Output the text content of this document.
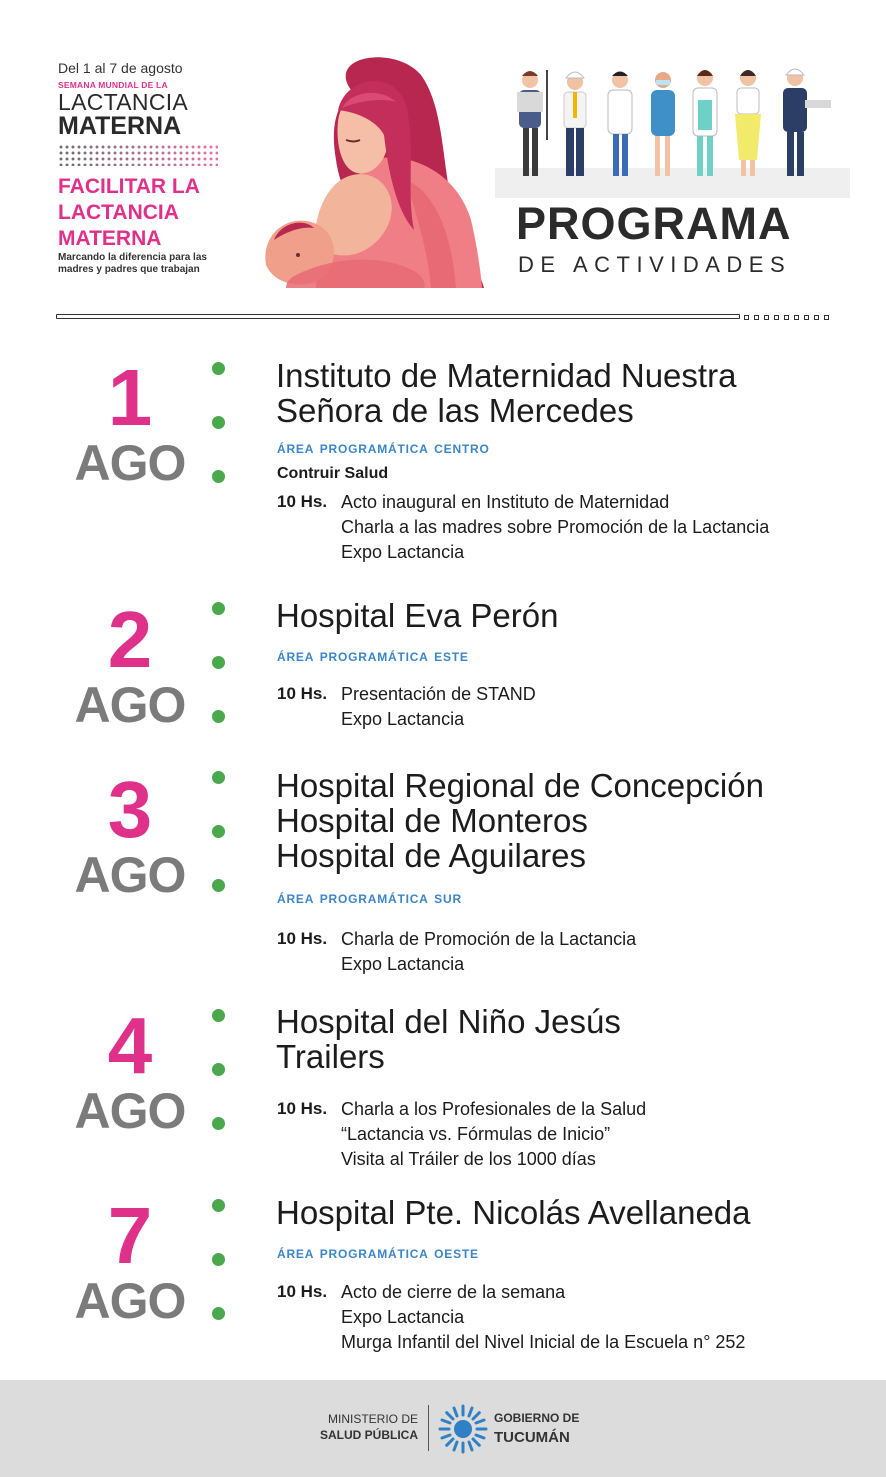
Del 1 al 7 de agosto
SEMANA MUNDIAL DE LA
LACTANCIA
MATERNA
FACILITAR LA LACTANCIA MATERNA
Marcando la diferencia para las madres y padres que trabajan
PROGRAMA
DE ACTIVIDADES
1
AGO
Instituto de Maternidad Nuestra
Señora de las Mercedes
área programática centro
Contruir Salud
10 Hs. Acto inaugural en Instituto de Maternidad
Charla a las madres sobre Promoción de la Lactancia
Expo Lactancia
2
AGO
Hospital Eva Perón
área programática este
10 Hs. Presentación de STAND
Expo Lactancia
3
AGO
Hospital Regional de Concepción
Hospital de Monteros
Hospital de Aguilares
área programática sur
10 Hs. Charla de Promoción de la Lactancia
Expo Lactancia
4
AGO
Hospital del Niño Jesús
Trailers
10 Hs. Charla a los Profesionales de la Salud
“Lactancia vs. Fórmulas de Inicio”
Visita al Tráiler de los 1000 días
7
AGO
Hospital Pte. Nicolás Avellaneda
área programática oeste
10 Hs. Acto de cierre de la semana
Expo Lactancia
Murga Infantil del Nivel Inicial de la Escuela n° 252
MINISTERIO DE
SALUD PÚBLICA
GOBIERNO DE
TUCUMÁN
